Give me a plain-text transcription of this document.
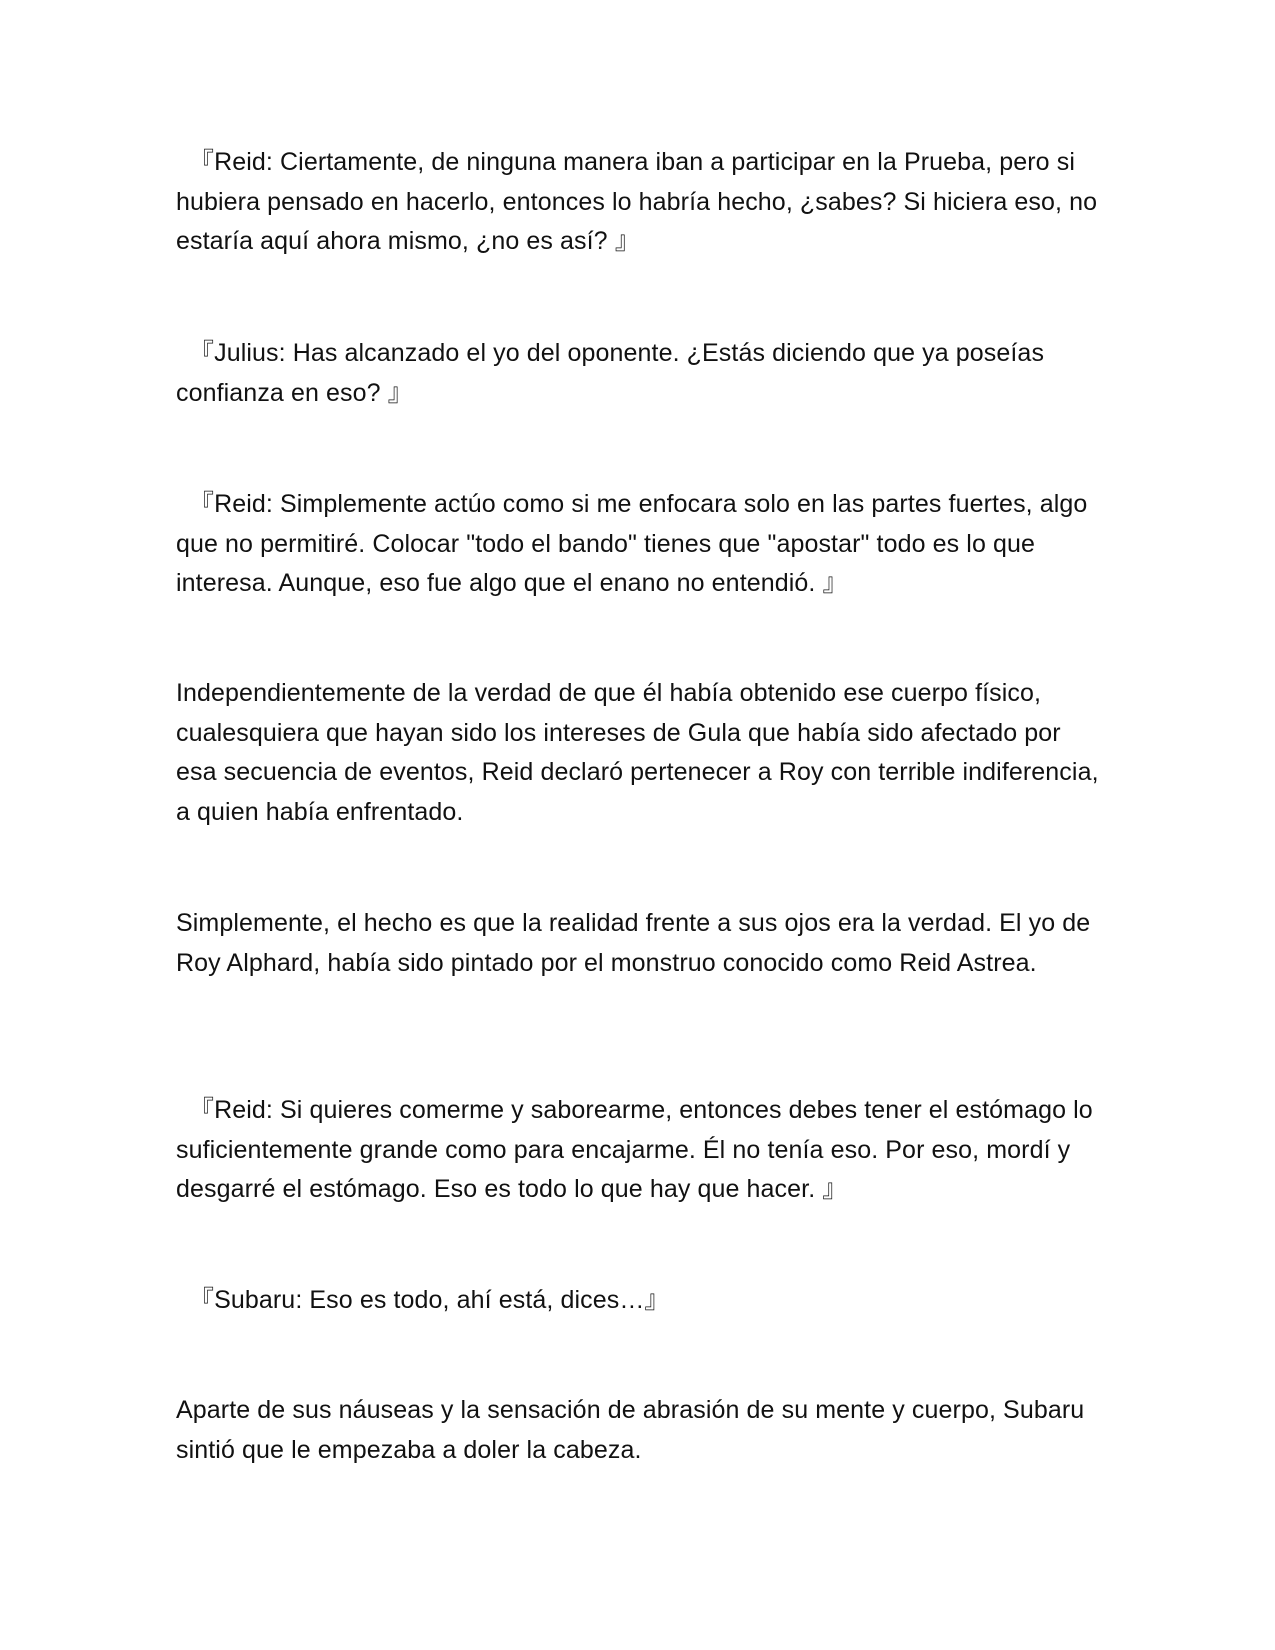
『Reid: Ciertamente, de ninguna manera iban a participar en la Prueba, pero si hubiera pensado en hacerlo, entonces lo habría hecho, ¿sabes? Si hiciera eso, no estaría aquí ahora mismo, ¿no es así? 』

『Julius: Has alcanzado el yo del oponente. ¿Estás diciendo que ya poseías confianza en eso? 』

『Reid: Simplemente actúo como si me enfocara solo en las partes fuertes, algo que no permitiré. Colocar "todo el bando" tienes que "apostar" todo es lo que interesa. Aunque, eso fue algo que el enano no entendió. 』

Independientemente de la verdad de que él había obtenido ese cuerpo físico, cualesquiera que hayan sido los intereses de Gula que había sido afectado por esa secuencia de eventos, Reid declaró pertenecer a Roy con terrible indiferencia, a quien había enfrentado.

Simplemente, el hecho es que la realidad frente a sus ojos era la verdad. El yo de Roy Alphard, había sido pintado por el monstruo conocido como Reid Astrea.

『Reid: Si quieres comerme y saborearme, entonces debes tener el estómago lo suficientemente grande como para encajarme. Él no tenía eso. Por eso, mordí y desgarré el estómago. Eso es todo lo que hay que hacer. 』

『Subaru: Eso es todo, ahí está, dices…』

Aparte de sus náuseas y la sensación de abrasión de su mente y cuerpo, Subaru sintió que le empezaba a doler la cabeza.
